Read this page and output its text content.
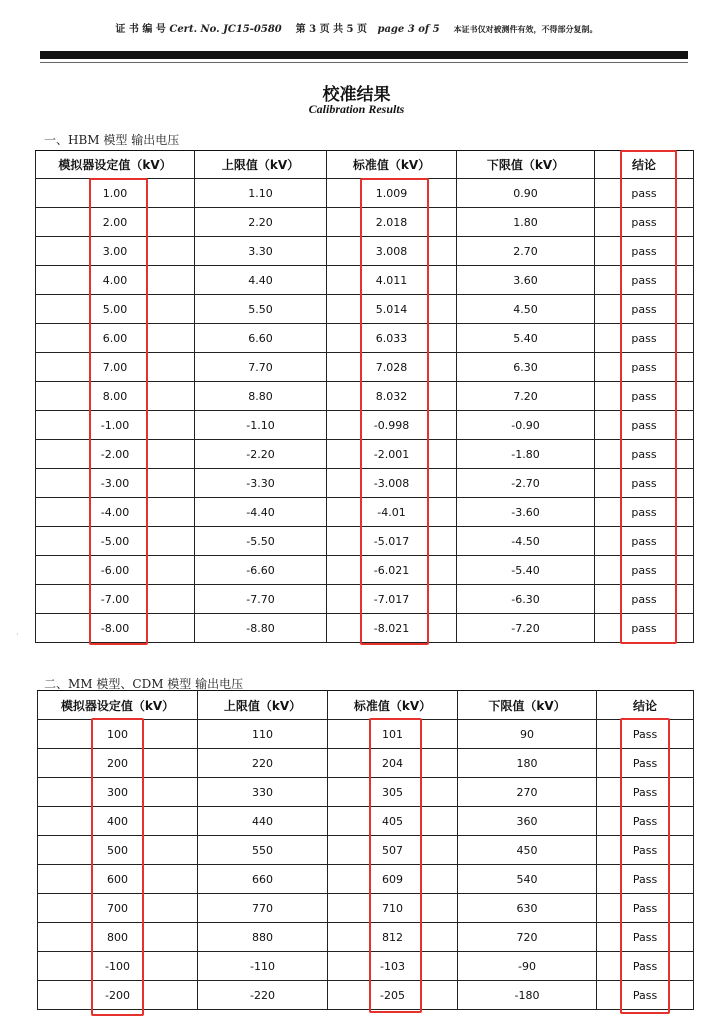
证 书 编 号 Cert. No. JC15-0580 第 3 页 共 5 页 page 3 of 5 本证书仅对被测件有效，不得部分复制。
校准结果
Calibration Results
一、HBM 模型 输出电压
模拟器设定值（kV）	上限值（kV）	标准值（kV）	下限值（kV）	结论
1.00	1.10	1.009	0.90	pass
2.00	2.20	2.018	1.80	pass
3.00	3.30	3.008	2.70	pass
4.00	4.40	4.011	3.60	pass
5.00	5.50	5.014	4.50	pass
6.00	6.60	6.033	5.40	pass
7.00	7.70	7.028	6.30	pass
8.00	8.80	8.032	7.20	pass
-1.00	-1.10	-0.998	-0.90	pass
-2.00	-2.20	-2.001	-1.80	pass
-3.00	-3.30	-3.008	-2.70	pass
-4.00	-4.40	-4.01	-3.60	pass
-5.00	-5.50	-5.017	-4.50	pass
-6.00	-6.60	-6.021	-5.40	pass
-7.00	-7.70	-7.017	-6.30	pass
-8.00	-8.80	-8.021	-7.20	pass
·
二、MM 模型、CDM 模型 输出电压
模拟器设定值（kV）	上限值（kV）	标准值（kV）	下限值（kV）	结论
100	110	101	90	Pass
200	220	204	180	Pass
300	330	305	270	Pass
400	440	405	360	Pass
500	550	507	450	Pass
600	660	609	540	Pass
700	770	710	630	Pass
800	880	812	720	Pass
-100	-110	-103	-90	Pass
-200	-220	-205	-180	Pass
